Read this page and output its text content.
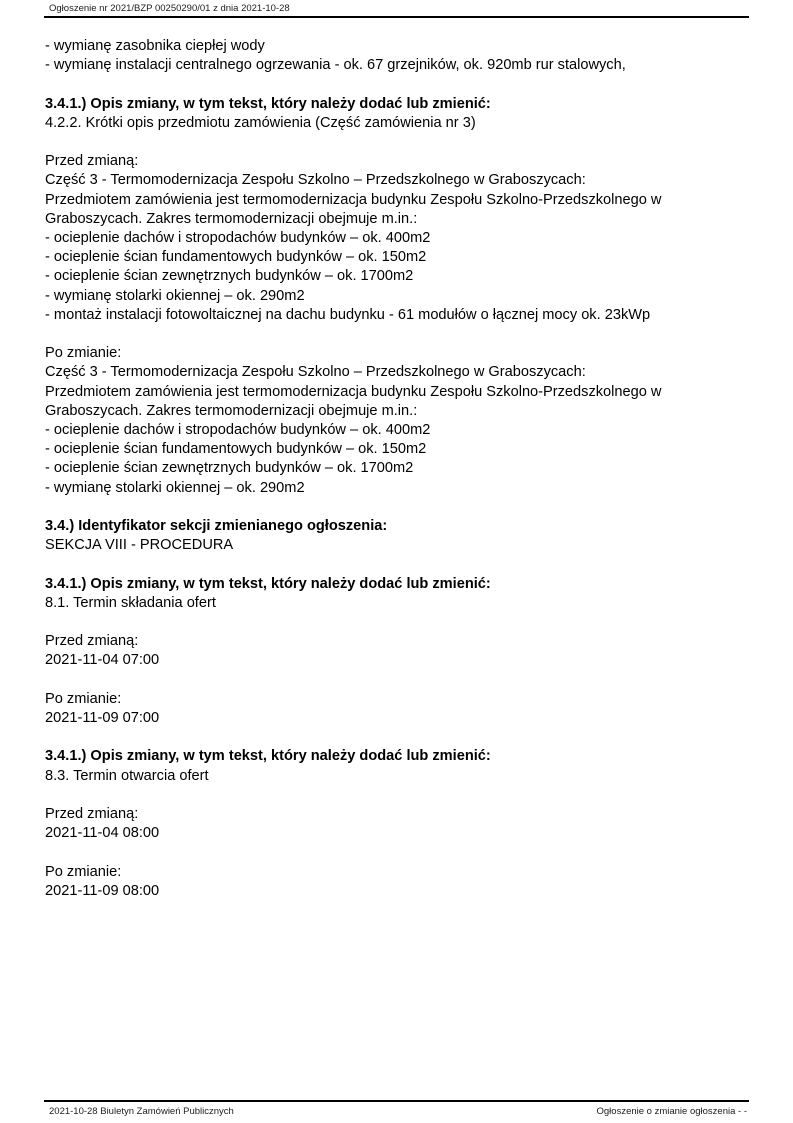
Ogłoszenie nr 2021/BZP 00250290/01 z dnia 2021-10-28
- wymianę zasobnika ciepłej wody
- wymianę instalacji centralnego ogrzewania - ok. 67 grzejników, ok. 920mb rur stalowych,
3.4.1.) Opis zmiany, w tym tekst, który należy dodać lub zmienić:
4.2.2. Krótki opis przedmiotu zamówienia (Część zamówienia nr 3)
Przed zmianą:
Część 3 - Termomodernizacja Zespołu Szkolno – Przedszkolnego w Graboszycach:
Przedmiotem zamówienia jest termomodernizacja budynku Zespołu Szkolno-Przedszkolnego w
Graboszycach. Zakres termomodernizacji obejmuje m.in.:
- ocieplenie dachów i stropodachów budynków – ok. 400m2
- ocieplenie ścian fundamentowych budynków – ok. 150m2
- ocieplenie ścian zewnętrznych budynków – ok. 1700m2
- wymianę stolarki okiennej – ok. 290m2
- montaż instalacji fotowoltaicznej na dachu budynku - 61 modułów o łącznej mocy ok. 23kWp
Po zmianie:
Część 3 - Termomodernizacja Zespołu Szkolno – Przedszkolnego w Graboszycach:
Przedmiotem zamówienia jest termomodernizacja budynku Zespołu Szkolno-Przedszkolnego w
Graboszycach. Zakres termomodernizacji obejmuje m.in.:
- ocieplenie dachów i stropodachów budynków – ok. 400m2
- ocieplenie ścian fundamentowych budynków – ok. 150m2
- ocieplenie ścian zewnętrznych budynków – ok. 1700m2
- wymianę stolarki okiennej – ok. 290m2
3.4.) Identyfikator sekcji zmienianego ogłoszenia:
SEKCJA VIII - PROCEDURA
3.4.1.) Opis zmiany, w tym tekst, który należy dodać lub zmienić:
8.1. Termin składania ofert
Przed zmianą:
2021-11-04 07:00
Po zmianie:
2021-11-09 07:00
3.4.1.) Opis zmiany, w tym tekst, który należy dodać lub zmienić:
8.3. Termin otwarcia ofert
Przed zmianą:
2021-11-04 08:00
Po zmianie:
2021-11-09 08:00
2021-10-28 Biuletyn Zamówień Publicznych	Ogłoszenie o zmianie ogłoszenia - -
